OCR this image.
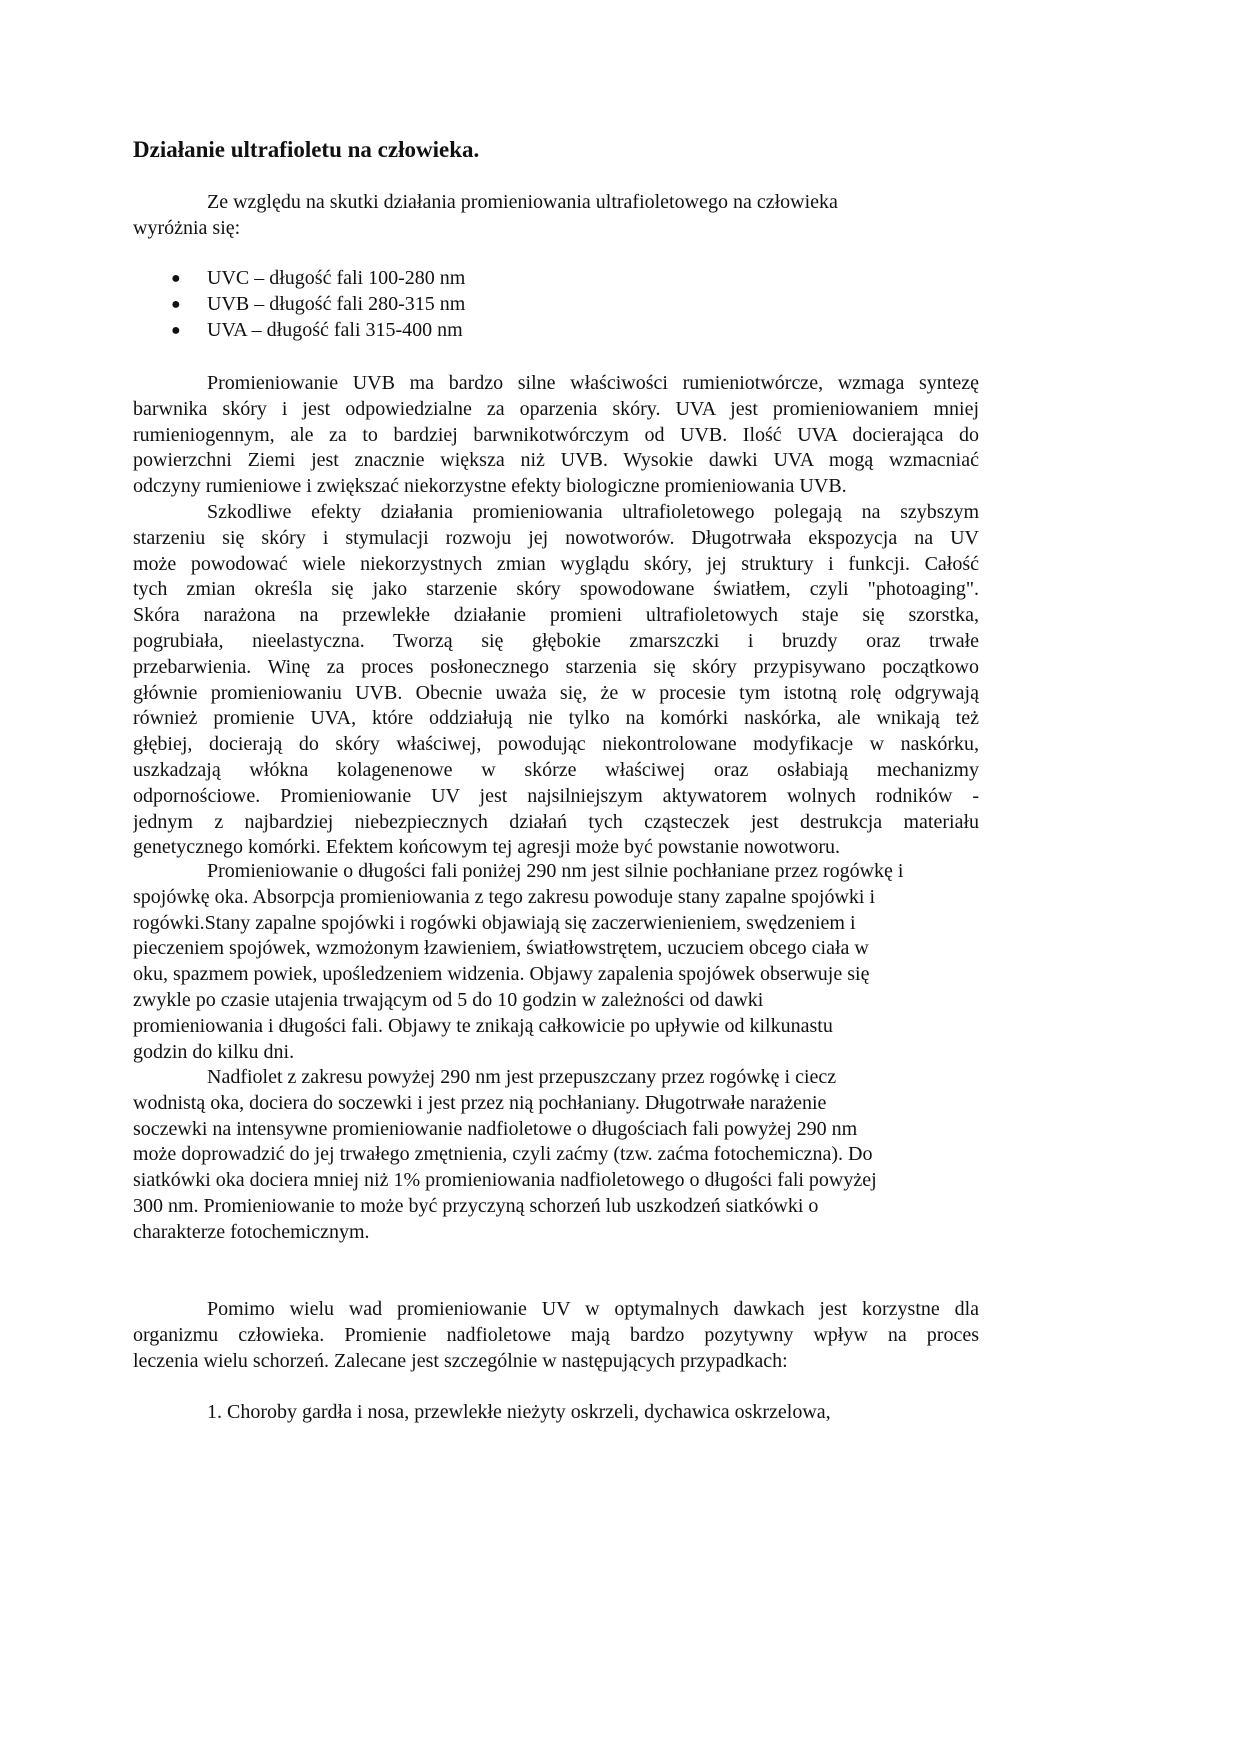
Działanie ultrafioletu na człowieka.
Ze względu na skutki działania promieniowania ultrafioletowego na człowieka
wyróżnia się:
● UVC – długość fali 100-280 nm
● UVB – długość fali 280-315 nm
● UVA – długość fali 315-400 nm
Promieniowanie UVB ma bardzo silne właściwości rumieniotwórcze, wzmaga syntezę
barwnika skóry i jest odpowiedzialne za oparzenia skóry. UVA jest promieniowaniem mniej
rumieniogennym, ale za to bardziej barwnikotwórczym od UVB. Ilość UVA docierająca do
powierzchni Ziemi jest znacznie większa niż UVB. Wysokie dawki UVA mogą wzmacniać
odczyny rumieniowe i zwiększać niekorzystne efekty biologiczne promieniowania UVB.
Szkodliwe efekty działania promieniowania ultrafioletowego polegają na szybszym
starzeniu się skóry i stymulacji rozwoju jej nowotworów. Długotrwała ekspozycja na UV
może powodować wiele niekorzystnych zmian wyglądu skóry, jej struktury i funkcji. Całość
tych zmian określa się jako starzenie skóry spowodowane światłem, czyli "photoaging".
Skóra narażona na przewlekłe działanie promieni ultrafioletowych staje się szorstka,
pogrubiała, nieelastyczna. Tworzą się głębokie zmarszczki i bruzdy oraz trwałe
przebarwienia. Winę za proces posłonecznego starzenia się skóry przypisywano początkowo
głównie promieniowaniu UVB. Obecnie uważa się, że w procesie tym istotną rolę odgrywają
również promienie UVA, które oddziałują nie tylko na komórki naskórka, ale wnikają też
głębiej, docierają do skóry właściwej, powodując niekontrolowane modyfikacje w naskórku,
uszkadzają włókna kolagenenowe w skórze właściwej oraz osłabiają mechanizmy
odpornościowe. Promieniowanie UV jest najsilniejszym aktywatorem wolnych rodników -
jednym z najbardziej niebezpiecznych działań tych cząsteczek jest destrukcja materiału
genetycznego komórki. Efektem końcowym tej agresji może być powstanie nowotworu.
Promieniowanie o długości fali poniżej 290 nm jest silnie pochłaniane przez rogówkę i
spojówkę oka. Absorpcja promieniowania z tego zakresu powoduje stany zapalne spojówki i
rogówki.Stany zapalne spojówki i rogówki objawiają się zaczerwienieniem, swędzeniem i
pieczeniem spojówek, wzmożonym łzawieniem, światłowstrętem, uczuciem obcego ciała w
oku, spazmem powiek, upośledzeniem widzenia. Objawy zapalenia spojówek obserwuje się
zwykle po czasie utajenia trwającym od 5 do 10 godzin w zależności od dawki
promieniowania i długości fali. Objawy te znikają całkowicie po upływie od kilkunastu
godzin do kilku dni.
Nadfiolet z zakresu powyżej 290 nm jest przepuszczany przez rogówkę i ciecz
wodnistą oka, dociera do soczewki i jest przez nią pochłaniany. Długotrwałe narażenie
soczewki na intensywne promieniowanie nadfioletowe o długościach fali powyżej 290 nm
może doprowadzić do jej trwałego zmętnienia, czyli zaćmy (tzw. zaćma fotochemiczna). Do
siatkówki oka dociera mniej niż 1% promieniowania nadfioletowego o długości fali powyżej
300 nm. Promieniowanie to może być przyczyną schorzeń lub uszkodzeń siatkówki o
charakterze fotochemicznym.
Pomimo wielu wad promieniowanie UV w optymalnych dawkach jest korzystne dla
organizmu człowieka. Promienie nadfioletowe mają bardzo pozytywny wpływ na proces
leczenia wielu schorzeń. Zalecane jest szczególnie w następujących przypadkach:
1. Choroby gardła i nosa, przewlekłe nieżyty oskrzeli, dychawica oskrzelowa,
